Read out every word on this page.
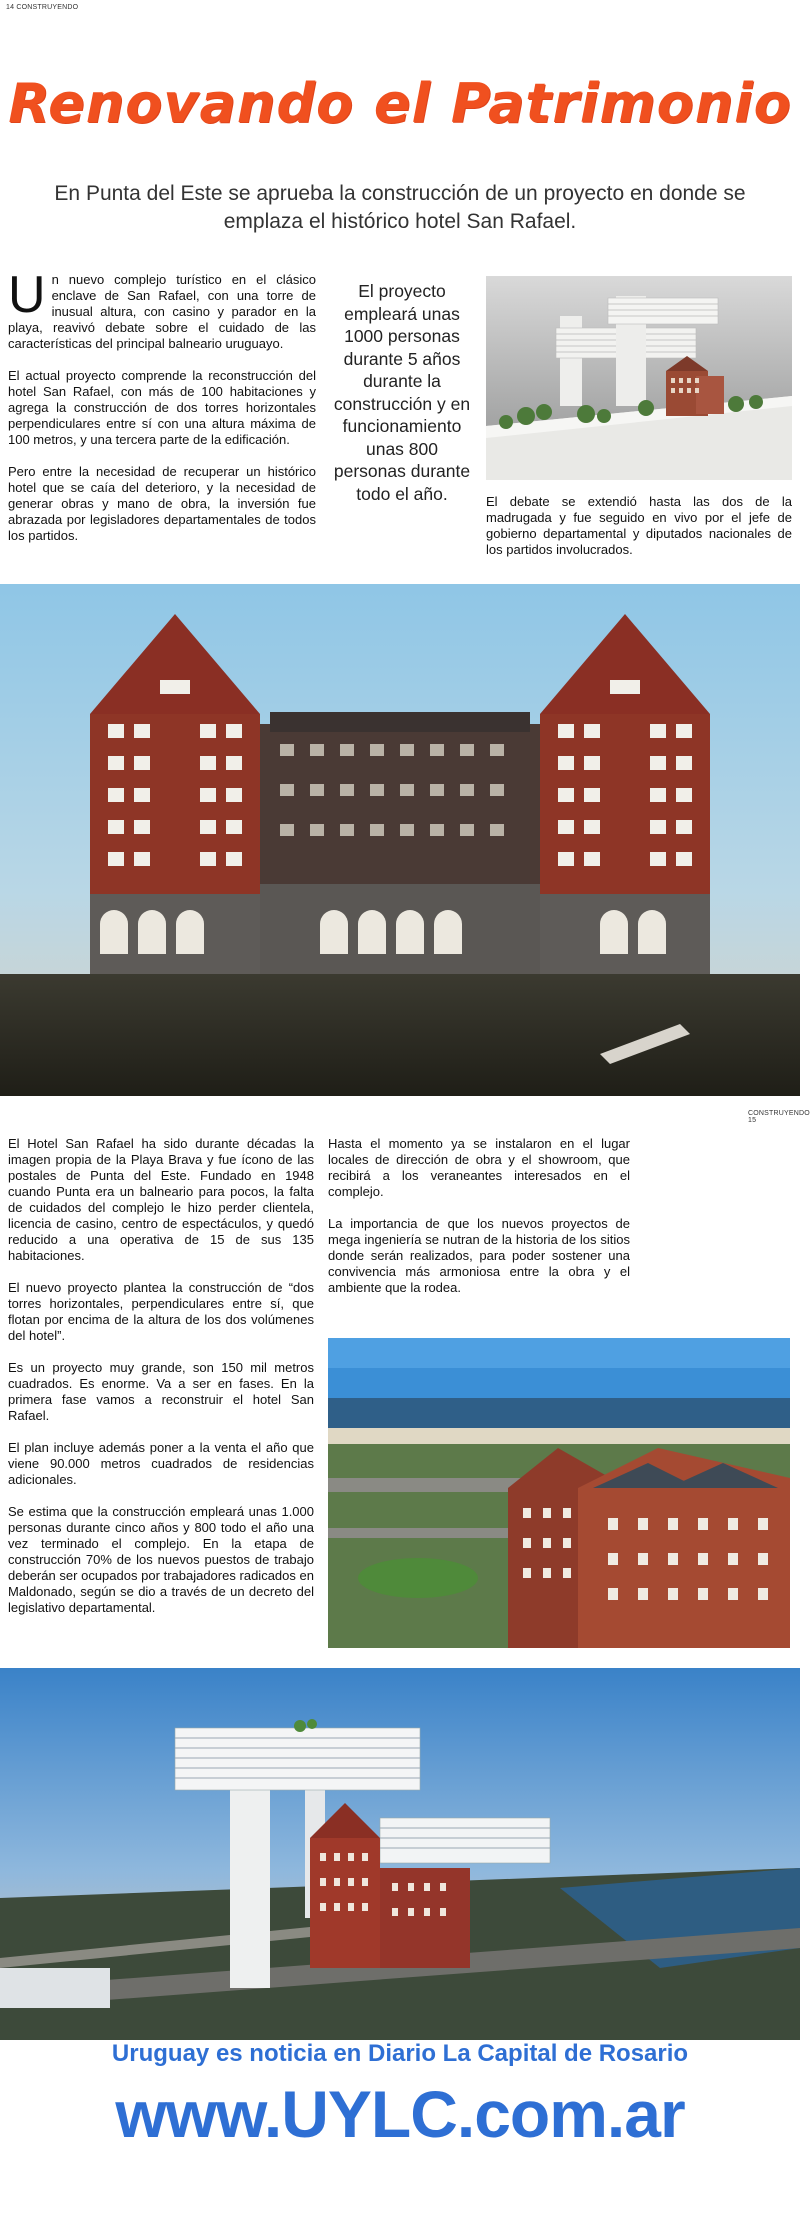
14 CONSTRUYENDO
Renovando el Patrimonio
En Punta del Este se aprueba la construcción de un proyecto en donde se emplaza el histórico hotel San Rafael.

Un nuevo complejo turístico en el clásico enclave de San Rafael, con una torre de inusual altura, con casino y parador en la playa, reavivó debate sobre el cuidado de las características del principal balneario uruguayo.

El actual proyecto comprende la reconstrucción del hotel San Rafael, con más de 100 habitaciones y agrega la construcción de dos torres horizontales perpendiculares entre sí con una altura máxima de 100 metros, y una tercera parte de la edificación.

Pero entre la necesidad de recuperar un histórico hotel que se caía del deterioro, y la necesidad de generar obras y mano de obra, la inversión fue abrazada por legisladores departamentales de todos los partidos.

El proyecto empleará unas 1000 personas durante 5 años durante la construcción y en funcionamiento unas 800 personas durante todo el año.	El debate se extendió hasta las dos de la madrugada y fue seguido en vivo por el jefe de gobierno departamental y diputados nacionales de los partidos involucrados.
CONSTRUYENDO 15

El Hotel San Rafael ha sido durante décadas la imagen propia de la Playa Brava y fue ícono de las postales de Punta del Este. Fundado en 1948 cuando Punta era un balneario para pocos, la falta de cuidados del complejo le hizo perder clientela, licencia de casino, centro de espectáculos, y quedó reducido a una operativa de 15 de sus 135 habitaciones.

El nuevo proyecto plantea la construcción de “dos torres horizontales, perpendiculares entre sí, que flotan por encima de la altura de los dos volúmenes del hotel”.

Es un proyecto muy grande, son 150 mil metros cuadrados. Es enorme. Va a ser en fases. En la primera fase vamos a reconstruir el hotel San Rafael.

El plan incluye además poner a la venta el año que viene 90.000 metros cuadrados de residencias adicionales.

Se estima que la construcción empleará unas 1.000 personas durante cinco años y 800 todo el año una vez terminado el complejo. En la etapa de construcción 70% de los nuevos puestos de trabajo deberán ser ocupados por trabajadores radicados en Maldonado, según se dio a través de un decreto del legislativo departamental.

Hasta el momento ya se instalaron en el lugar locales de dirección de obra y el showroom, que recibirá a los veraneantes interesados en el complejo.

La importancia de que los nuevos proyectos de mega ingeniería se nutran de la historia de los sitios donde serán realizados, para poder sostener una convivencia más armoniosa entre la obra y el ambiente que la rodea.

Uruguay es noticia en Diario La Capital de Rosario
www.UYLC.com.ar
